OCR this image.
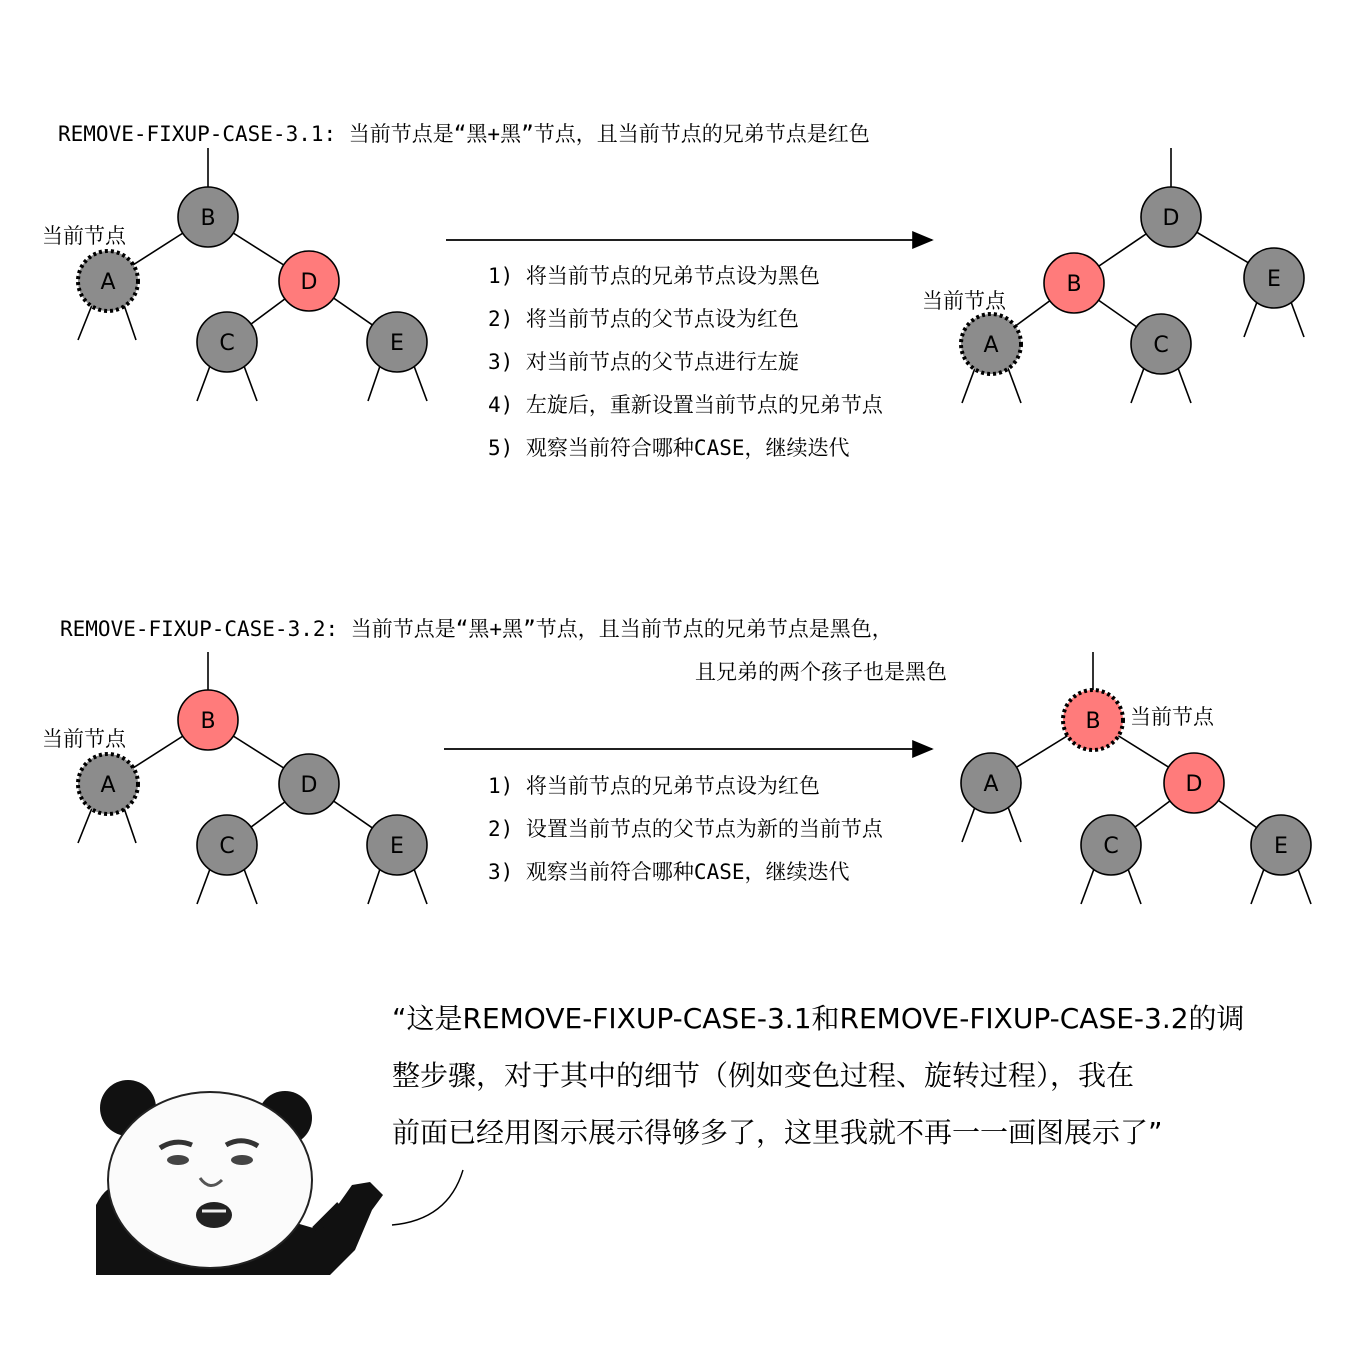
REMOVE-FIXUP-CASE-3.1: 当前节点是“黑+黑”节点，且当前节点的兄弟节点是红色
B
A	D
C	E
当前节点
1) 将当前节点的兄弟节点设为黑色
2) 将当前节点的父节点设为红色
3) 对当前节点的父节点进行左旋
4) 左旋后，重新设置当前节点的兄弟节点
5) 观察当前符合哪种CASE，继续迭代
D
B	E
A	C
当前节点
REMOVE-FIXUP-CASE-3.2: 当前节点是“黑+黑”节点，且当前节点的兄弟节点是黑色，
且兄弟的两个孩子也是黑色
B
A	D
C	E
当前节点
1) 将当前节点的兄弟节点设为红色
2) 设置当前节点的父节点为新的当前节点
3) 观察当前符合哪种CASE，继续迭代
B
A	D
C	E
当前节点
“这是REMOVE-FIXUP-CASE-3.1和REMOVE-FIXUP-CASE-3.2的调
整步骤，对于其中的细节（例如变色过程、旋转过程），我在
前面已经用图示展示得够多了，这里我就不再一一画图展示了”
